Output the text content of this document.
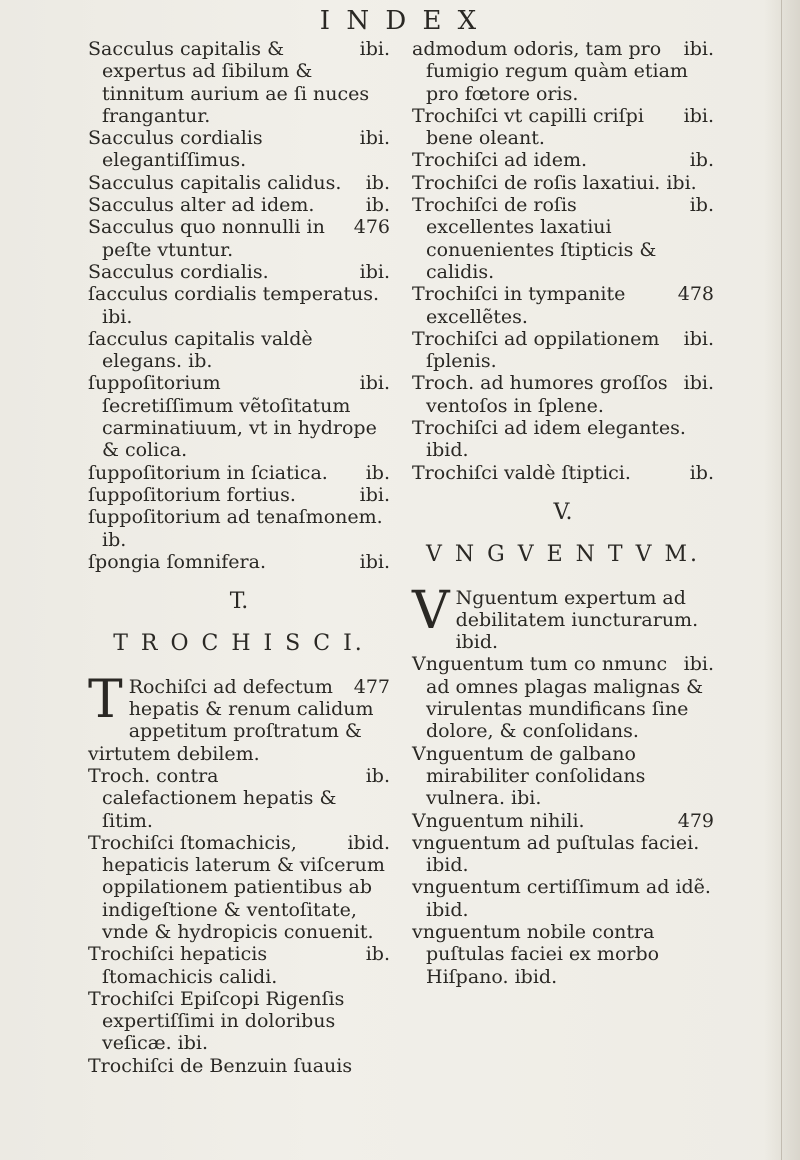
I N D E X

ibi.
Sacculus capitalis & expertus ad ſibilum & tinnitum aurium ae ſi nuces frangantur.

ibi.
Sacculus cordialis elegantiſſimus.

ib.
Sacculus capitalis calidus.

ib.
Sacculus alter ad idem.

476
Sacculus quo nonnulli in peſte vtuntur.

ibi.
Sacculus cordialis.

ſacculus cordialis temperatus. ibi.

ſacculus capitalis valdè elegans. ib.

ibi.
ſuppoſitorium ſecretiſſimum vẽtoſitatum carminatiuum, vt in hydrope & colica.

ib.
ſuppoſitorium in ſciatica.

ibi.
ſuppoſitorium fortius.

ſuppoſitorium ad tenaſmonem. ib.

ibi.
ſpongia ſomnifera.

T.
T R O C H I S C I.

T	477
Rochiſci ad defectum hepatis & renum calidum appetitum proſtratum & virtutem debilem.

ib.
Troch. contra calefactionem hepatis & ſitim.

ibid.
Trochiſci ſtomachicis, hepaticis laterum & viſcerum oppilationem patientibus ab indigeſtione & ventoſitate, vnde & hydropicis conuenit.

ib.
Trochiſci hepaticis ſtomachicis calidi.

Trochiſci Epiſcopi Rigenſis expertiſſimi in doloribus veſicæ. ibi.

Trochiſci de Benzuin ſuauis

ibi.
admodum odoris, tam pro fumigio regum quàm etiam pro fœtore oris.

ibi.
Trochiſci vt capilli criſpi bene oleant.

ib.
Trochiſci ad idem.

Trochiſci de roſis laxatiui. ibi.

ib.
Trochiſci de roſis excellentes laxatiui conuenientes ſtipticis & calidis.

478
Trochiſci in tympanite excellẽtes.

ibi.
Trochiſci ad oppilationem ſplenis.

ibi.
Troch. ad humores groſſos ventoſos in ſplene.

Trochiſci ad idem elegantes. ibid.

ib.
Trochiſci valdè ſtiptici.

V.
V N G V E N T V M.

V Nguentum expertum ad debilitatem iuncturarum. ibid.

ibi.
Vnguentum tum co nmunc ad omnes plagas malignas & virulentas mundificans ſine dolore, & conſolidans.

Vnguentum de galbano mirabiliter conſolidans vulnera. ibi.

479
Vnguentum nihili.

vnguentum ad puſtulas faciei. ibid.

vnguentum certiſſimum ad idẽ. ibid.

vnguentum nobile contra puſtulas faciei ex morbo Hiſpano. ibid.
